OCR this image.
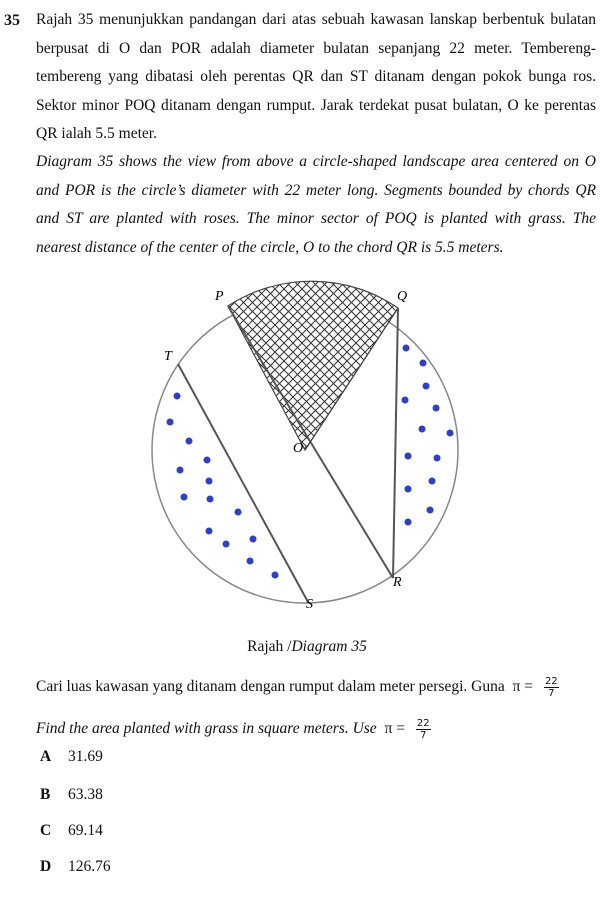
35 Rajah 35 menunjukkan pandangan dari atas sebuah kawasan lanskap berbentuk bulatan berpusat di O dan POR adalah diameter bulatan sepanjang 22 meter. Tembereng-tembereng yang dibatasi oleh perentas QR dan ST ditanam dengan pokok bunga ros. Sektor minor POQ ditanam dengan rumput. Jarak terdekat pusat bulatan, O ke perentas QR ialah 5.5 meter.

Diagram 35 shows the view from above a circle-shaped landscape area centered on O and POR is the circle’s diameter with 22 meter long. Segments bounded by chords QR and ST are planted with roses. The minor sector of POQ is planted with grass. The nearest distance of the center of the circle, O to the chord QR is 5.5 meters.

P	Q
T
O
R
S
Rajah /Diagram 35
Cari luas kawasan yang ditanam dengan rumput dalam meter persegi. Guna $\pi = \frac{22}{7}$
Find the area planted with grass in square meters. Use $\pi = \frac{22}{7}$
A 31.69
B 63.38
C 69.14
D 126.76
